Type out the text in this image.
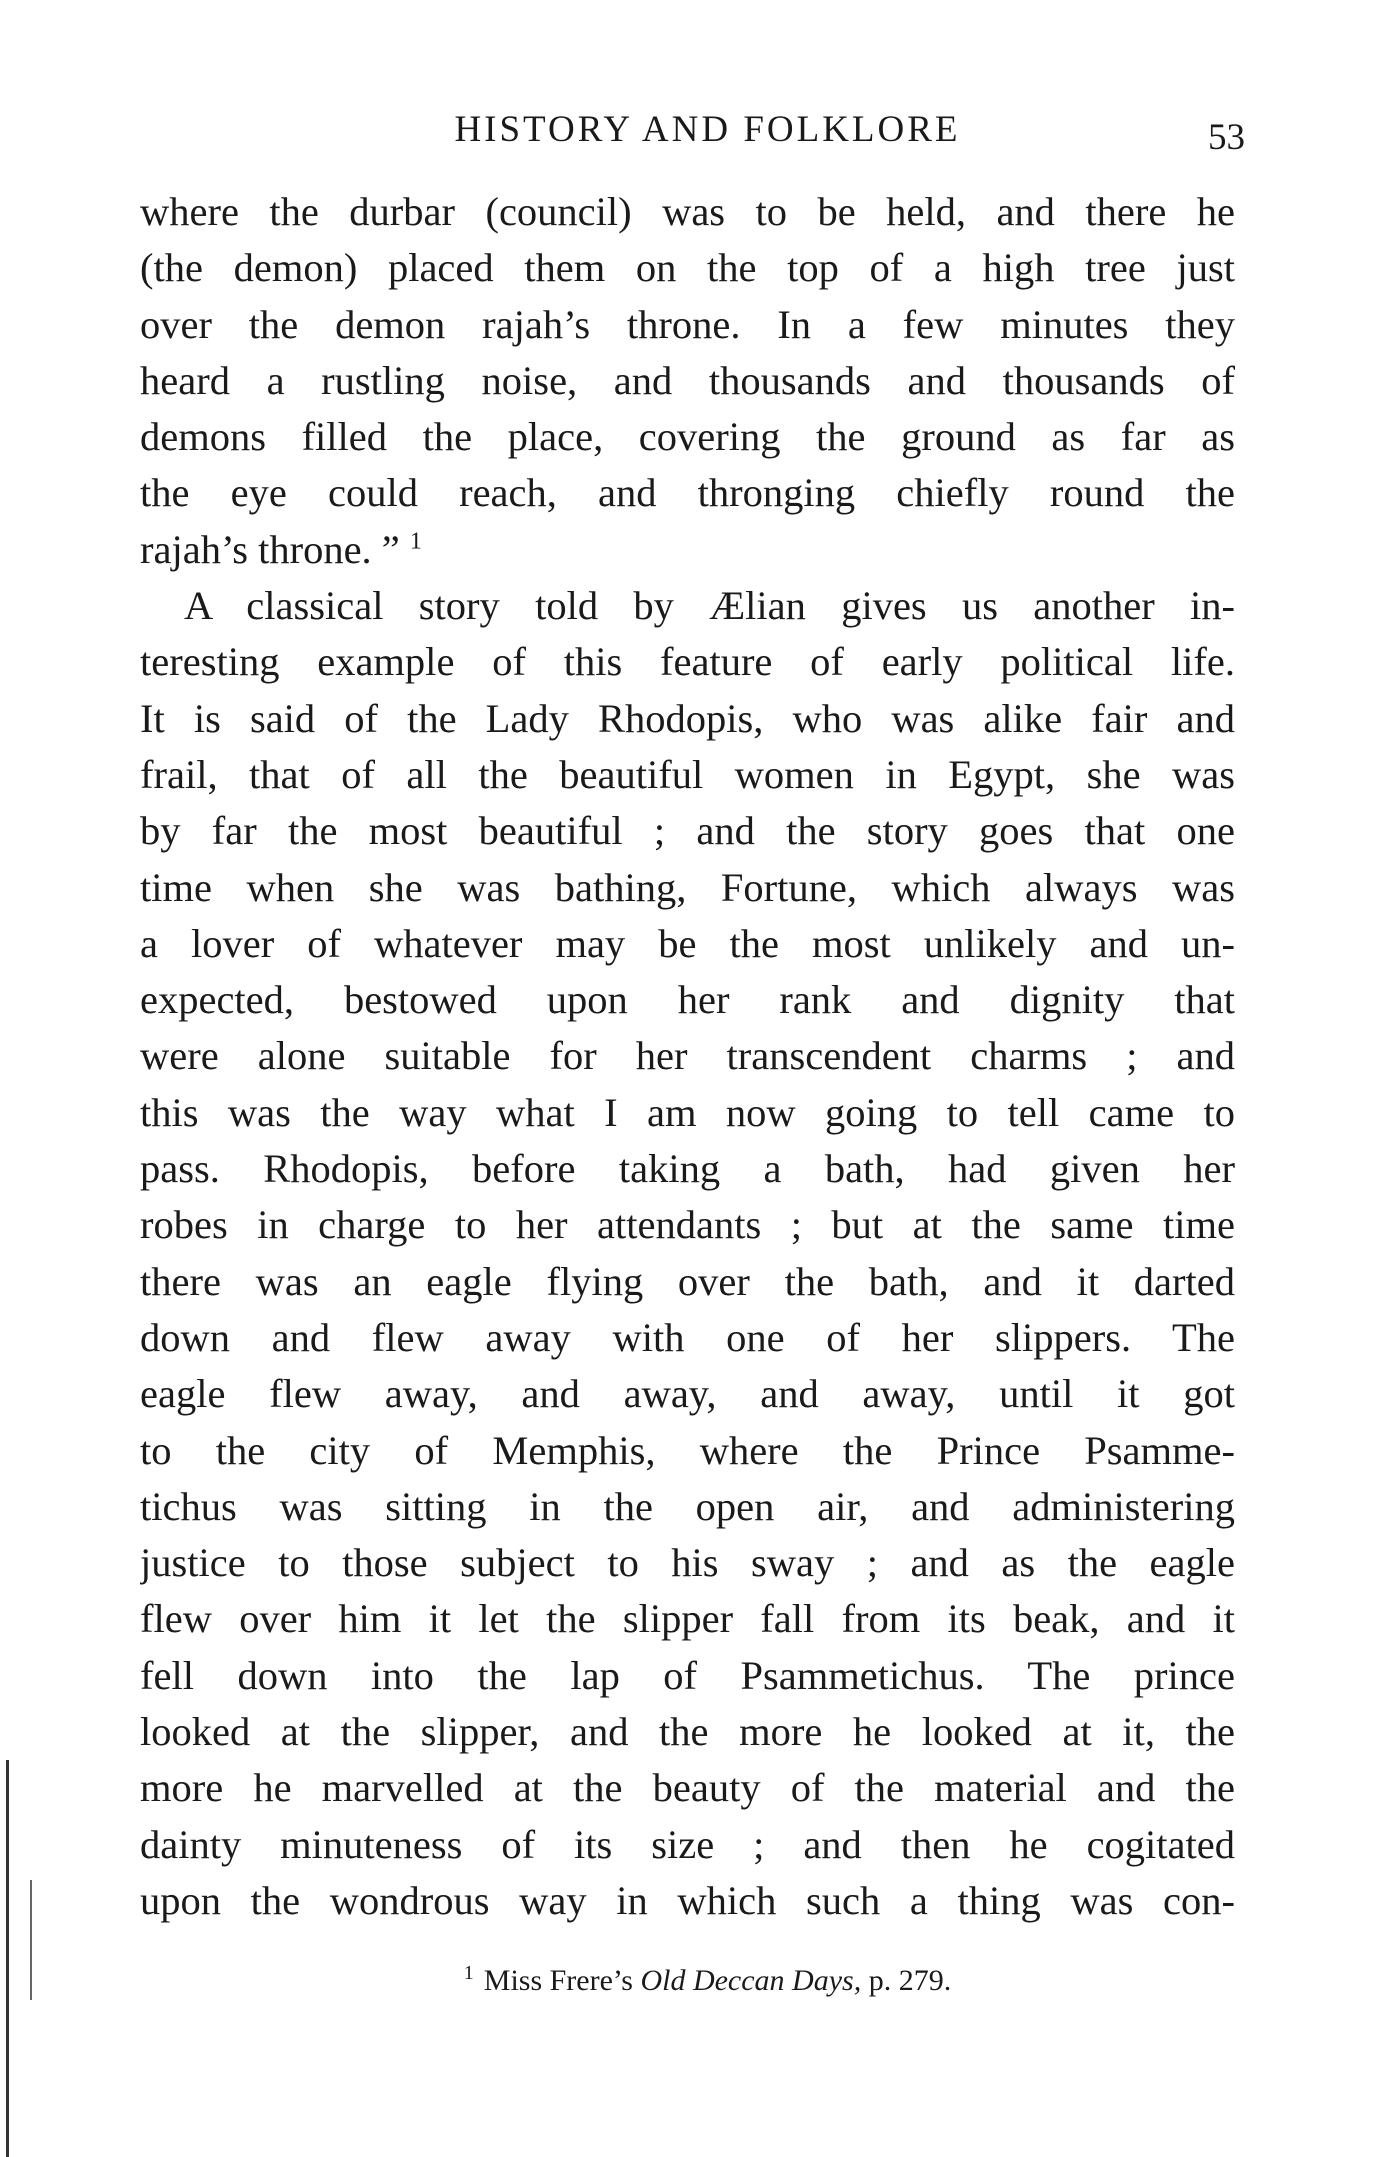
HISTORY AND FOLKLORE	53
where the durbar (council) was to be held, and there he
(the demon) placed them on the top of a high tree just
over the demon rajah’s throne. In a few minutes they
heard a rustling noise, and thousands and thousands of
demons filled the place, covering the ground as far as
the eye could reach, and thronging chiefly round the
rajah’s throne. ” $^1$
A classical story told by Ælian gives us another in-
teresting example of this feature of early political life.
It is said of the Lady Rhodopis, who was alike fair and
frail, that of all the beautiful women in Egypt, she was
by far the most beautiful ; and the story goes that one
time when she was bathing, Fortune, which always was
a lover of whatever may be the most unlikely and un-
expected, bestowed upon her rank and dignity that
were alone suitable for her transcendent charms ; and
this was the way what I am now going to tell came to
pass. Rhodopis, before taking a bath, had given her
robes in charge to her attendants ; but at the same time
there was an eagle flying over the bath, and it darted
down and flew away with one of her slippers. The
eagle flew away, and away, and away, until it got
to the city of Memphis, where the Prince Psamme-
tichus was sitting in the open air, and administering
justice to those subject to his sway ; and as the eagle
flew over him it let the slipper fall from its beak, and it
fell down into the lap of Psammetichus. The prince
looked at the slipper, and the more he looked at it, the
more he marvelled at the beauty of the material and the
dainty minuteness of its size ; and then he cogitated
upon the wondrous way in which such a thing was con-
$^1$ Miss Frere’s Old Deccan Days, p. 279.
